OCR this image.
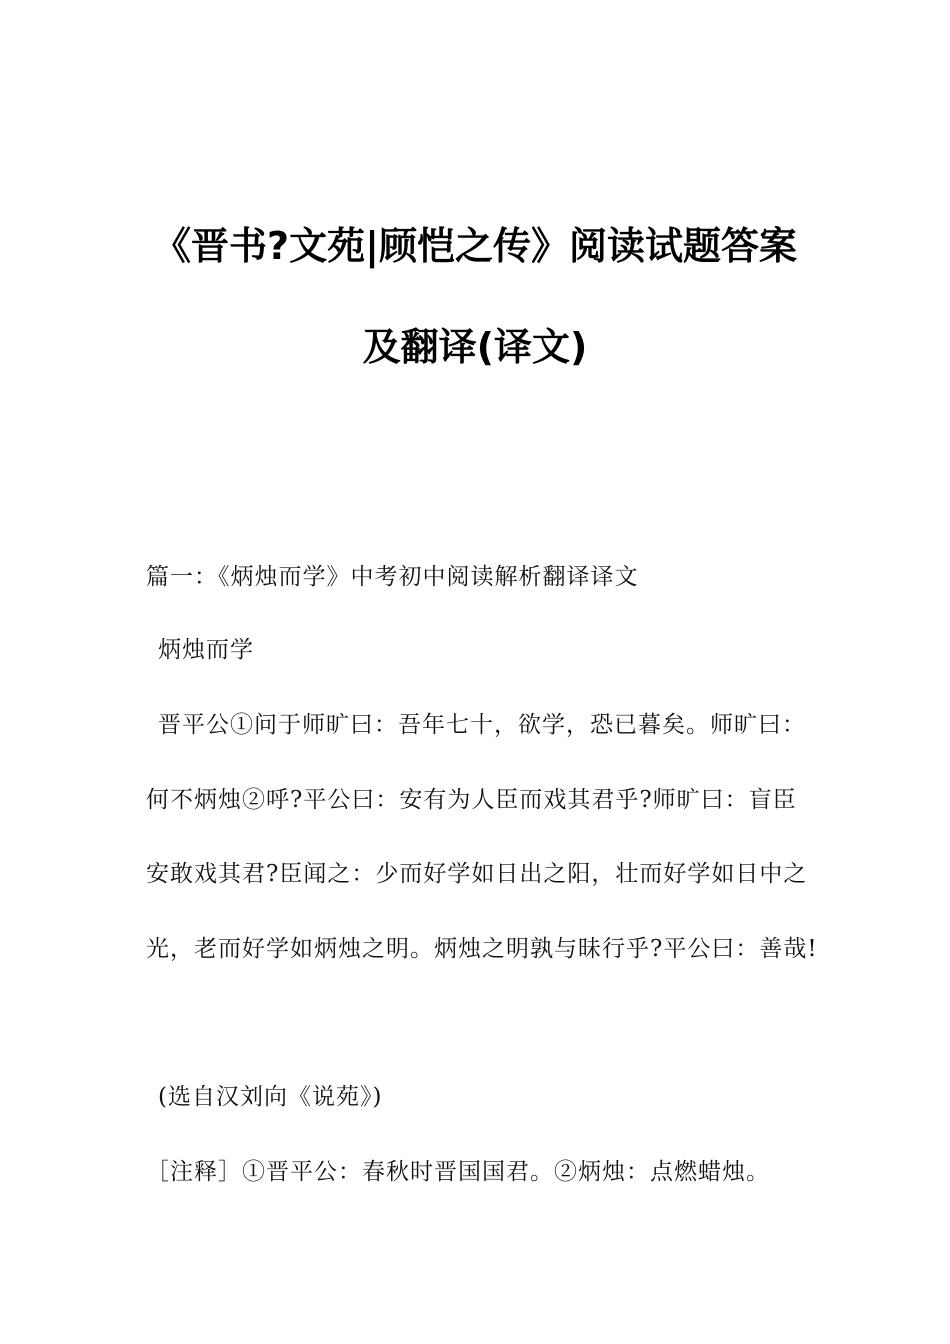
《晋书?文苑|顾恺之传》阅读试题答案
及翻译(译文)
篇一：《炳烛而学》中考初中阅读解析翻译译文
炳烛而学
晋平公①问于师旷曰：吾年七十，欲学，恐已暮矣。师旷曰：
何不炳烛②呼?平公曰：安有为人臣而戏其君乎?师旷曰：盲臣
安敢戏其君?臣闻之：少而好学如日出之阳，壮而好学如日中之
光，老而好学如炳烛之明。炳烛之明孰与昧行乎?平公曰：善哉!
(选自汉刘向《说苑》)
［注释］①晋平公：春秋时晋国国君。②炳烛：点燃蜡烛。
